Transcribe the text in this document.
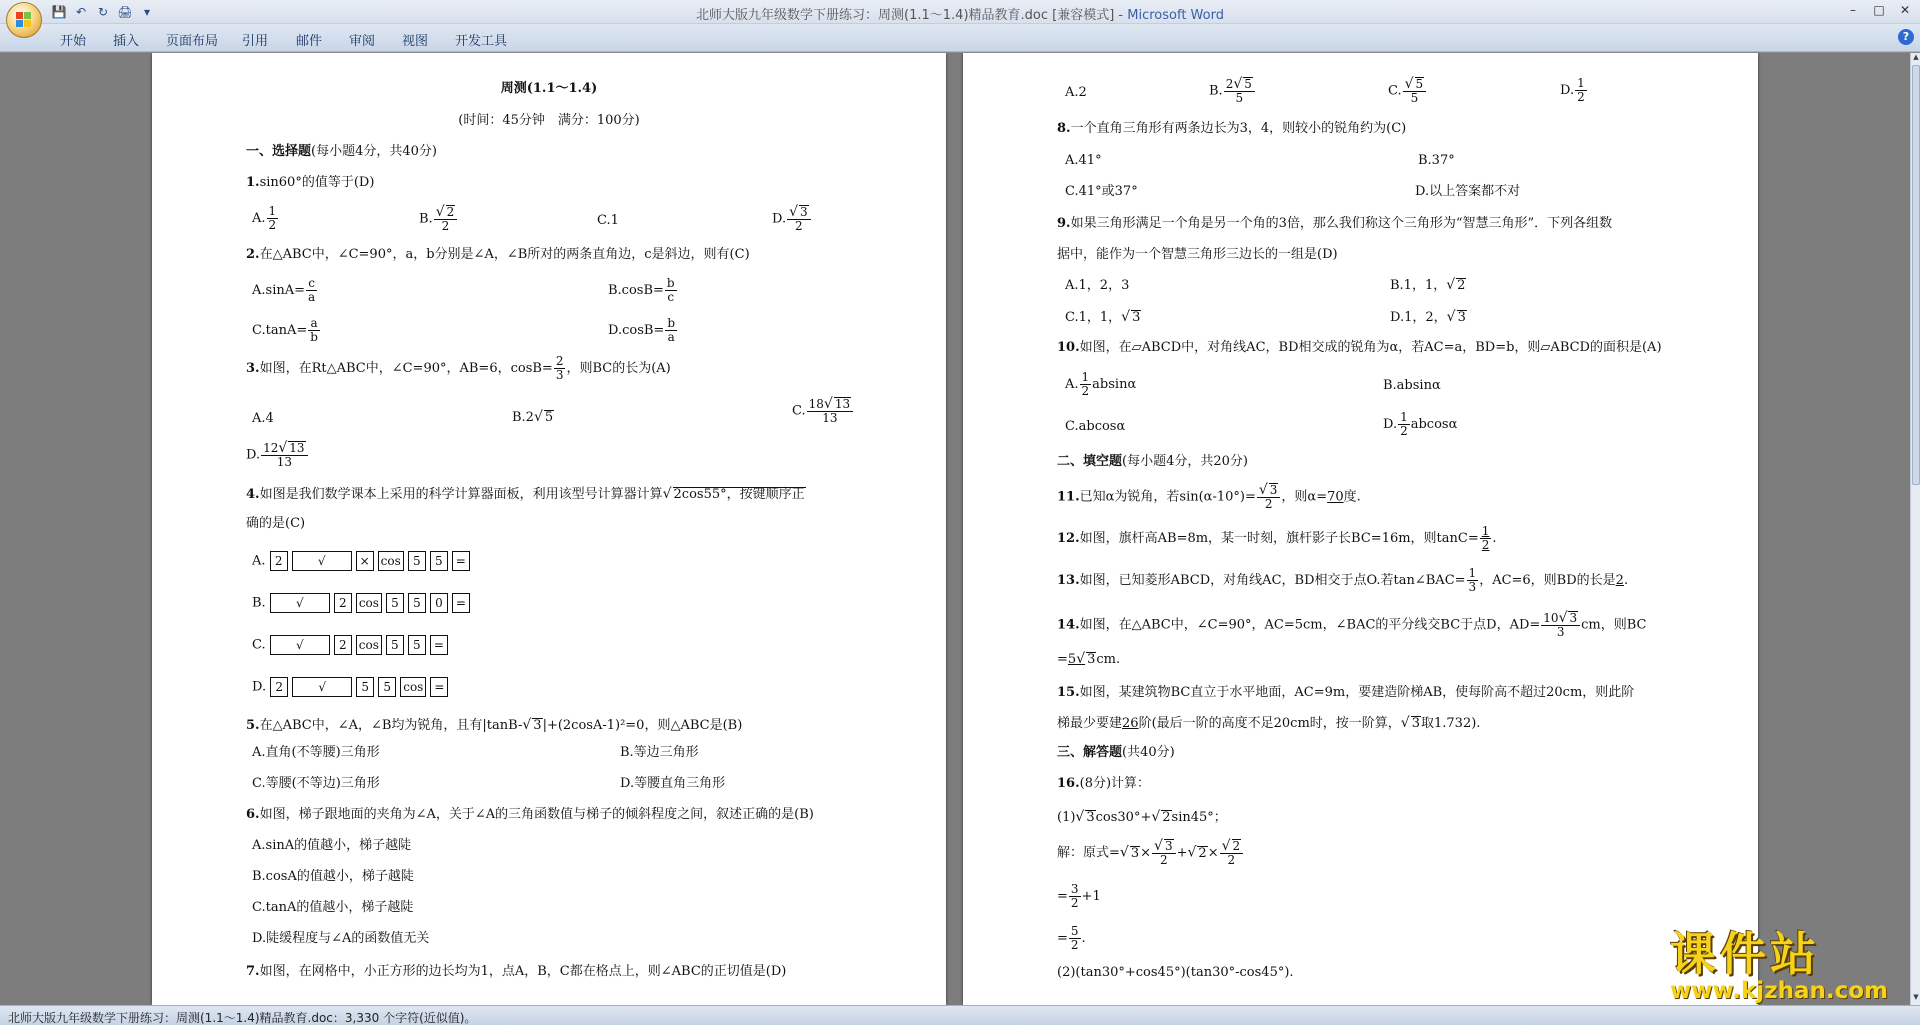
💾 ↶ ↻ 🖨 ▾	北师大版九年级数学下册练习：周测(1.1～1.4)精品教育.doc [兼容模式] - Microsoft Word	–	□	✕
开始 插入 页面布局 引用 邮件 审阅 视图 开发工具	?
周测(1.1～1.4)
(时间：45分钟　满分：100分)
一、选择题(每小题4分，共40分)
1.sin60°的值等于(D)
A. $\frac{1}{2}$	B. $\frac{√ 2}{2}$	C.1	D. $\frac{√ 3}{2}$
2.在△ABC中，∠C=90°，a，b分别是∠A，∠B所对的两条直角边，c是斜边，则有(C)
$A.\sin A= \frac{c}{a}$	$B.\cos B= \frac{b}{c}$
$C.\tan A= \frac{a}{b}$	$D.\cos B= \frac{b}{a}$
3.如图，在Rt△ABC中，∠C=90°，AB=6，$\cos B= \frac{2}{3}$ ，则BC的长为(A)
A.4	B.2√ 5	C. $\frac{18√ 13}{13}$
D. $\frac{12√ 13}{13}$
4.如图是我们数学课本上采用的科学计算器面板，利用该型号计算器计算√ 2cos55°，按键顺序正
确的是(C)
A. 2	√	× cos	5	5	=
B.	√	2	cos	5	5	0	=
C.	√	2	cos	5	5	=
D. 2	√	5	5	cos =
5.在△ABC中，∠A，∠B均为锐角，且有|tanB-√ 3|+(2cosA-1)²=0，则△ABC是(B)
A.直角(不等腰)三角形	B.等边三角形
C.等腰(不等边)三角形	D.等腰直角三角形
6.如图，梯子跟地面的夹角为∠A，关于∠A的三角函数值与梯子的倾斜程度之间，叙述正确的是(B)
A.sinA的值越小，梯子越陡
B.cosA的值越小，梯子越陡
C.tanA的值越小，梯子越陡
D.陡缓程度与∠A的函数值无关
7.如图，在网格中，小正方形的边长均为1，点A，B，C都在格点上，则∠ABC的正切值是(D)
A.2	B. $\frac{2√ 5}{5}$	C. $\frac{√ 5}{5}$	D. $\frac{1}{2}$
8.一个直角三角形有两条边长为3，4，则较小的锐角约为(C)
A.41°	B.37°
C.41°或37°	D.以上答案都不对
9.如果三角形满足一个角是另一个角的3倍，那么我们称这个三角形为“智慧三角形”．下列各组数
据中，能作为一个智慧三角形三边长的一组是(D)
A.1，2，3	B.1，1，√ 2
C.1，1，√ 3	D.1，2，√ 3
10.如图，在▱ABCD中，对角线AC，BD相交成的锐角为α，若AC=a，BD=b，则▱ABCD的面积是(A)
A. $\frac{1}{2}$ absinα	B.absinα
C.abcosα	D. $\frac{1}{2}$ abcosα
二、填空题(每小题4分，共20分)
11.已知α为锐角，若$\sin(\alpha-10^\circ)= \frac{√ 3}{2}$ ，则α=70度.
12.如图，旗杆高AB=8m，某一时刻，旗杆影子长BC=16m，则$\tan C= \frac{1}{2}$ .
13.如图，已知菱形ABCD，对角线AC，BD相交于点O.若tan∠BAC= $\frac{1}{3}$ ，AC=6，则BD的长是2.
14.如图，在△ABC中，∠C=90°，AC=5cm，∠BAC的平分线交BC于点D，$AD= \frac{10√ 3}{3}$ cm，则BC
=5√ 3cm.
15.如图，某建筑物BC直立于水平地面，AC=9m，要建造阶梯AB，使每阶高不超过20cm，则此阶
梯最少要建26阶(最后一阶的高度不足20cm时，按一阶算，√ 3取1.732).
三、解答题(共40分)
16.(8分)计算：
(1)√ 3cos30°+√ 2sin45°；
解：原式=√ $3\times \frac{√ 3}{2}$ +√ $2\times \frac{√ 2}{2}$
= $\frac{3}{2} +1$
= $\frac{5}{2}$ .
(2)(tan30°+cos45°)(tan30°-cos45°).
▲
▼
课件站
www.kjzhan.com
北师大版九年级数学下册练习：周测(1.1～1.4)精品教育.doc：3,330 个字符(近似值)。
